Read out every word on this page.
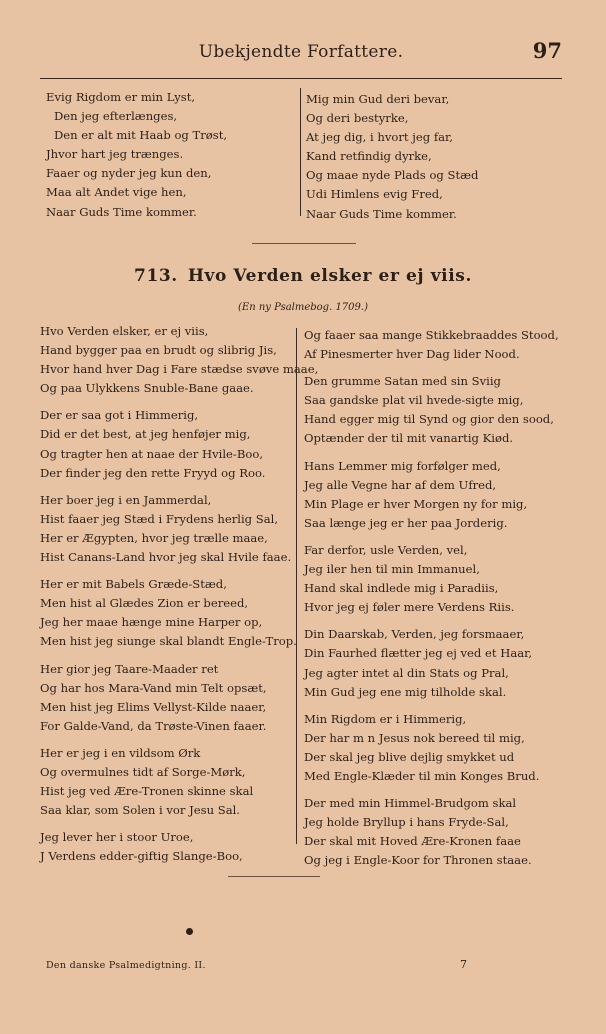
Ubekjendte Forfattere.	97
Evig Rigdom er min Lyst,
Den jeg efterlænges,
Den er alt mit Haab og Trøst,
Jhvor hart jeg trænges.
Faaer og nyder jeg kun den,
Maa alt Andet vige hen,
Naar Guds Time kommer.
Mig min Gud deri bevar,
Og deri bestyrke,
At jeg dig, i hvort jeg far,
Kand retfindig dyrke,
Og maae nyde Plads og Stæd
Udi Himlens evig Fred,
Naar Guds Time kommer.
713. Hvo Verden elsker er ej viis.
(En ny Psalmebog. 1709.)
Hvo Verden elsker, er ej viis,
Hand bygger paa en brudt og slibrig Jis,
Hvor hand hver Dag i Fare stædse svøve maae,
Og paa Ulykkens Snuble-Bane gaae.
Der er saa got i Himmerig,
Did er det best, at jeg henføjer mig,
Og tragter hen at naae der Hvile-Boo,
Der finder jeg den rette Fryyd og Roo.
Her boer jeg i en Jammerdal,
Hist faaer jeg Stæd i Frydens herlig Sal,
Her er Ægypten, hvor jeg trælle maae,
Hist Canans-Land hvor jeg skal Hvile faae.
Her er mit Babels Græde-Stæd,
Men hist al Glædes Zion er bereed,
Jeg her maae hænge mine Harper op,
Men hist jeg siunge skal blandt Engle-Trop.
Her gior jeg Taare-Maader ret
Og har hos Mara-Vand min Telt opsæt,
Men hist jeg Elims Vellyst-Kilde naaer,
For Galde-Vand, da Trøste-Vinen faaer.
Her er jeg i en vildsom Ørk
Og overmulnes tidt af Sorge-Mørk,
Hist jeg ved Ære-Tronen skinne skal
Saa klar, som Solen i vor Jesu Sal.
Jeg lever her i stoor Uroe,
J Verdens edder-giftig Slange-Boo,
Og faaer saa mange Stikkebraaddes Stood,
Af Pinesmerter hver Dag lider Nood.
Den grumme Satan med sin Sviig
Saa gandske plat vil hvede-sigte mig,
Hand egger mig til Synd og gior den sood,
Optænder der til mit vanartig Kiød.
Hans Lemmer mig forfølger med,
Jeg alle Vegne har af dem Ufred,
Min Plage er hver Morgen ny for mig,
Saa længe jeg er her paa Jorderig.
Far derfor, usle Verden, vel,
Jeg iler hen til min Immanuel,
Hand skal indlede mig i Paradiis,
Hvor jeg ej føler mere Verdens Riis.
Din Daarskab, Verden, jeg forsmaaer,
Din Faurhed flætter jeg ej ved et Haar,
Jeg agter intet al din Stats og Pral,
Min Gud jeg ene mig tilholde skal.
Min Rigdom er i Himmerig,
Der har m n Jesus nok bereed til mig,
Der skal jeg blive dejlig smykket ud
Med Engle-Klæder til min Konges Brud.
Der med min Himmel-Brudgom skal
Jeg holde Bryllup i hans Fryde-Sal,
Der skal mit Hoved Ære-Kronen faae
Og jeg i Engle-Koor for Thronen staae.
Den danske Psalmedigtning. II.	7
